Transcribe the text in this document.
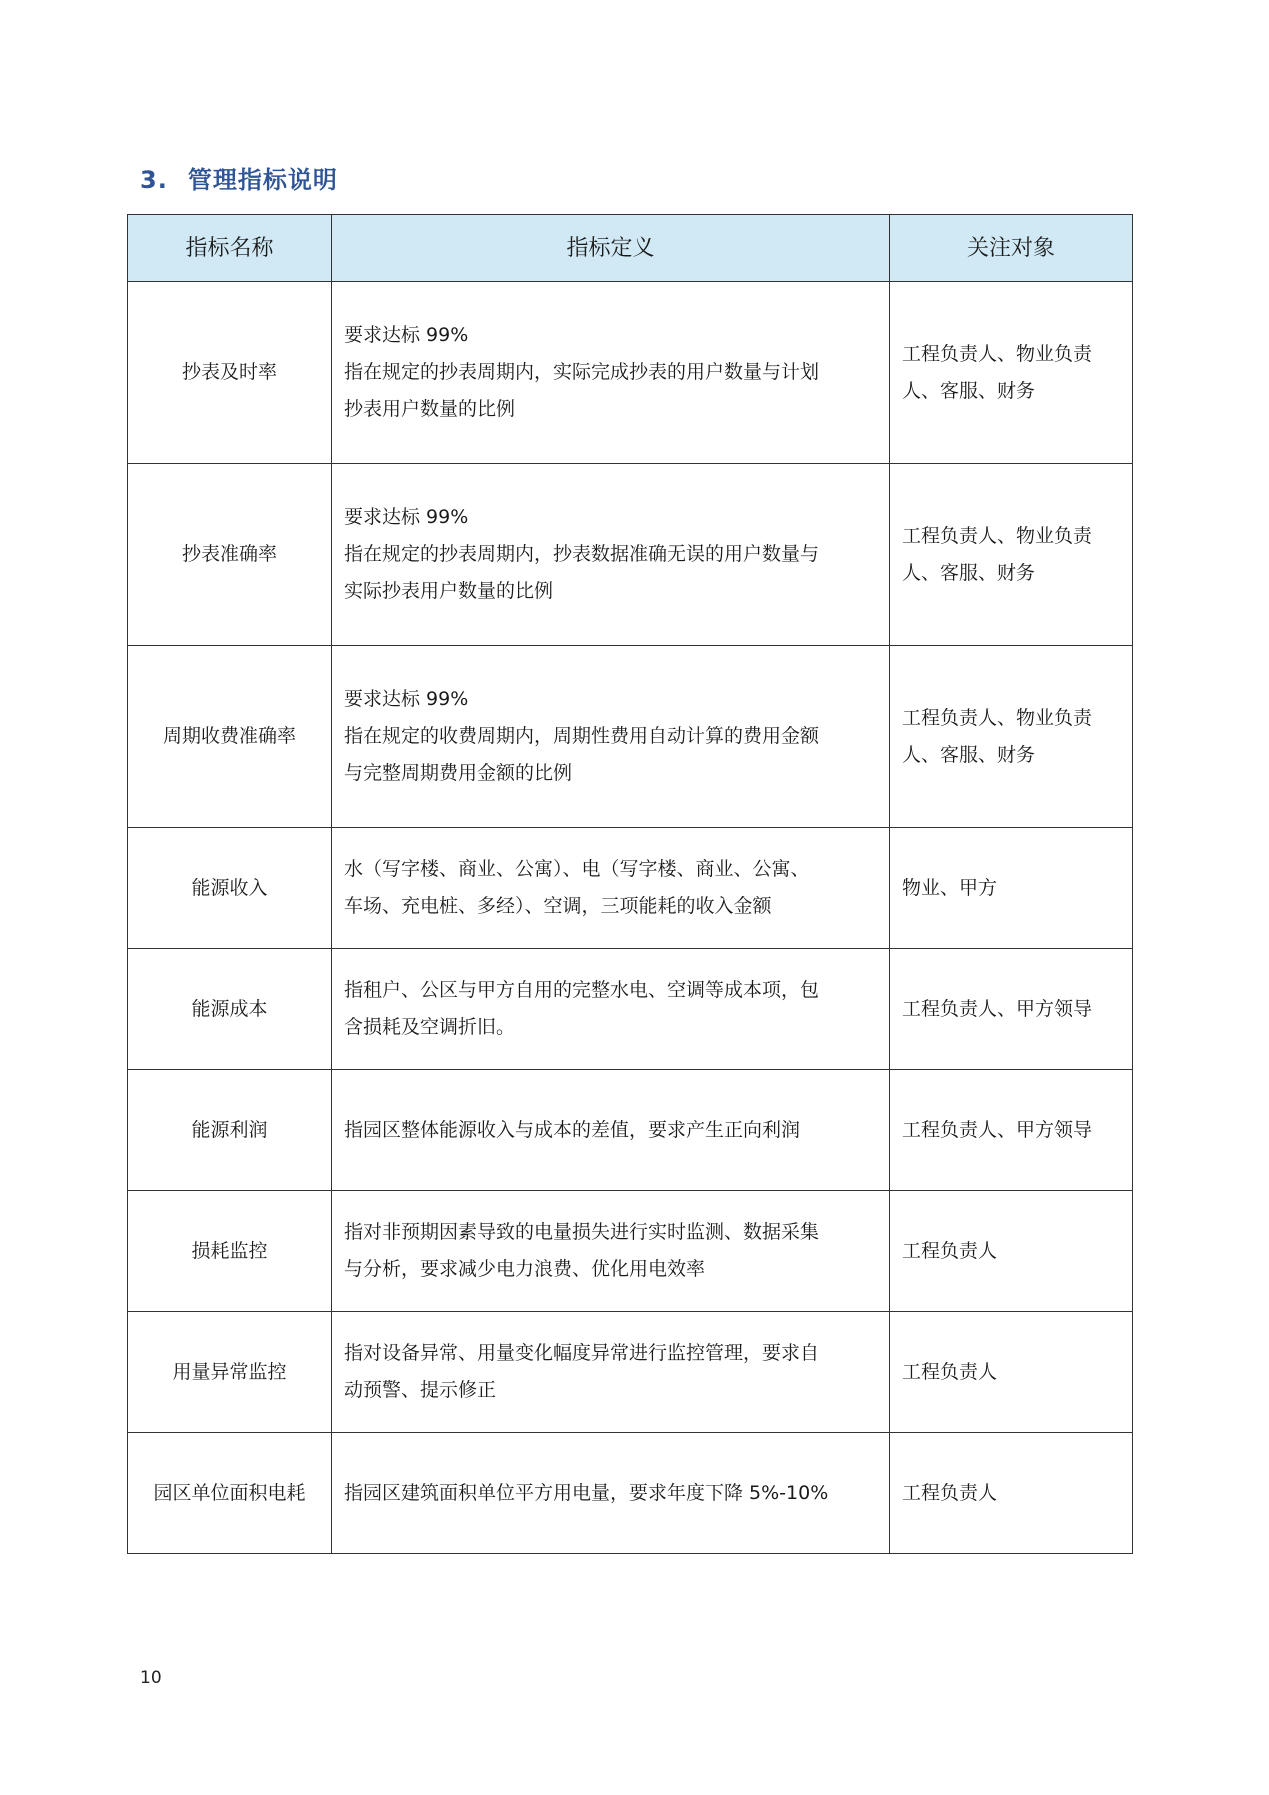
3. 管理指标说明
指标名称	指标定义	关注对象
抄表及时率	要求达标 99%
指在规定的抄表周期内，实际完成抄表的用户数量与计划
抄表用户数量的比例	工程负责人、物业负责人、客服、财务
抄表准确率	要求达标 99%
指在规定的抄表周期内，抄表数据准确无误的用户数量与
实际抄表用户数量的比例	工程负责人、物业负责人、客服、财务
周期收费准确率	要求达标 99%
指在规定的收费周期内，周期性费用自动计算的费用金额
与完整周期费用金额的比例	工程负责人、物业负责人、客服、财务
能源收入	水（写字楼、商业、公寓）、电（写字楼、商业、公寓、
车场、充电桩、多经）、空调，三项能耗的收入金额	物业、甲方
能源成本	指租户、公区与甲方自用的完整水电、空调等成本项，包
含损耗及空调折旧。	工程负责人、甲方领导
能源利润	指园区整体能源收入与成本的差值，要求产生正向利润	工程负责人、甲方领导
损耗监控	指对非预期因素导致的电量损失进行实时监测、数据采集
与分析，要求减少电力浪费、优化用电效率	工程负责人
用量异常监控	指对设备异常、用量变化幅度异常进行监控管理，要求自
动预警、提示修正	工程负责人
园区单位面积电耗	指园区建筑面积单位平方用电量，要求年度下降 5%-10%	工程负责人
10
